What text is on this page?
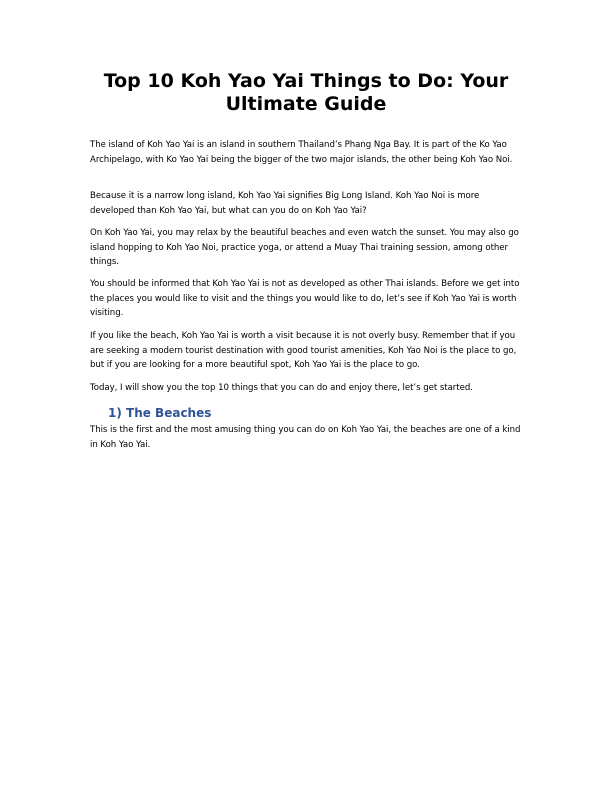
Top 10 Koh Yao Yai Things to Do: Your Ultimate Guide

The island of Koh Yao Yai is an island in southern Thailand’s Phang Nga Bay. It is part of the Ko Yao Archipelago, with Ko Yao Yai being the bigger of the two major islands, the other being Koh Yao Noi.

Because it is a narrow long island, Koh Yao Yai signifies Big Long Island. Koh Yao Noi is more developed than Koh Yao Yai, but what can you do on Koh Yao Yai?

On Koh Yao Yai, you may relax by the beautiful beaches and even watch the sunset. You may also go island hopping to Koh Yao Noi, practice yoga, or attend a Muay Thai training session, among other things.

You should be informed that Koh Yao Yai is not as developed as other Thai islands. Before we get into the places you would like to visit and the things you would like to do, let’s see if Koh Yao Yai is worth visiting.

If you like the beach, Koh Yao Yai is worth a visit because it is not overly busy. Remember that if you are seeking a modern tourist destination with good tourist amenities, Koh Yao Noi is the place to go, but if you are looking for a more beautiful spot, Koh Yao Yai is the place to go.

Today, I will show you the top 10 things that you can do and enjoy there, let’s get started.

1) The Beaches

This is the first and the most amusing thing you can do on Koh Yao Yai, the beaches are one of a kind in Koh Yao Yai.
